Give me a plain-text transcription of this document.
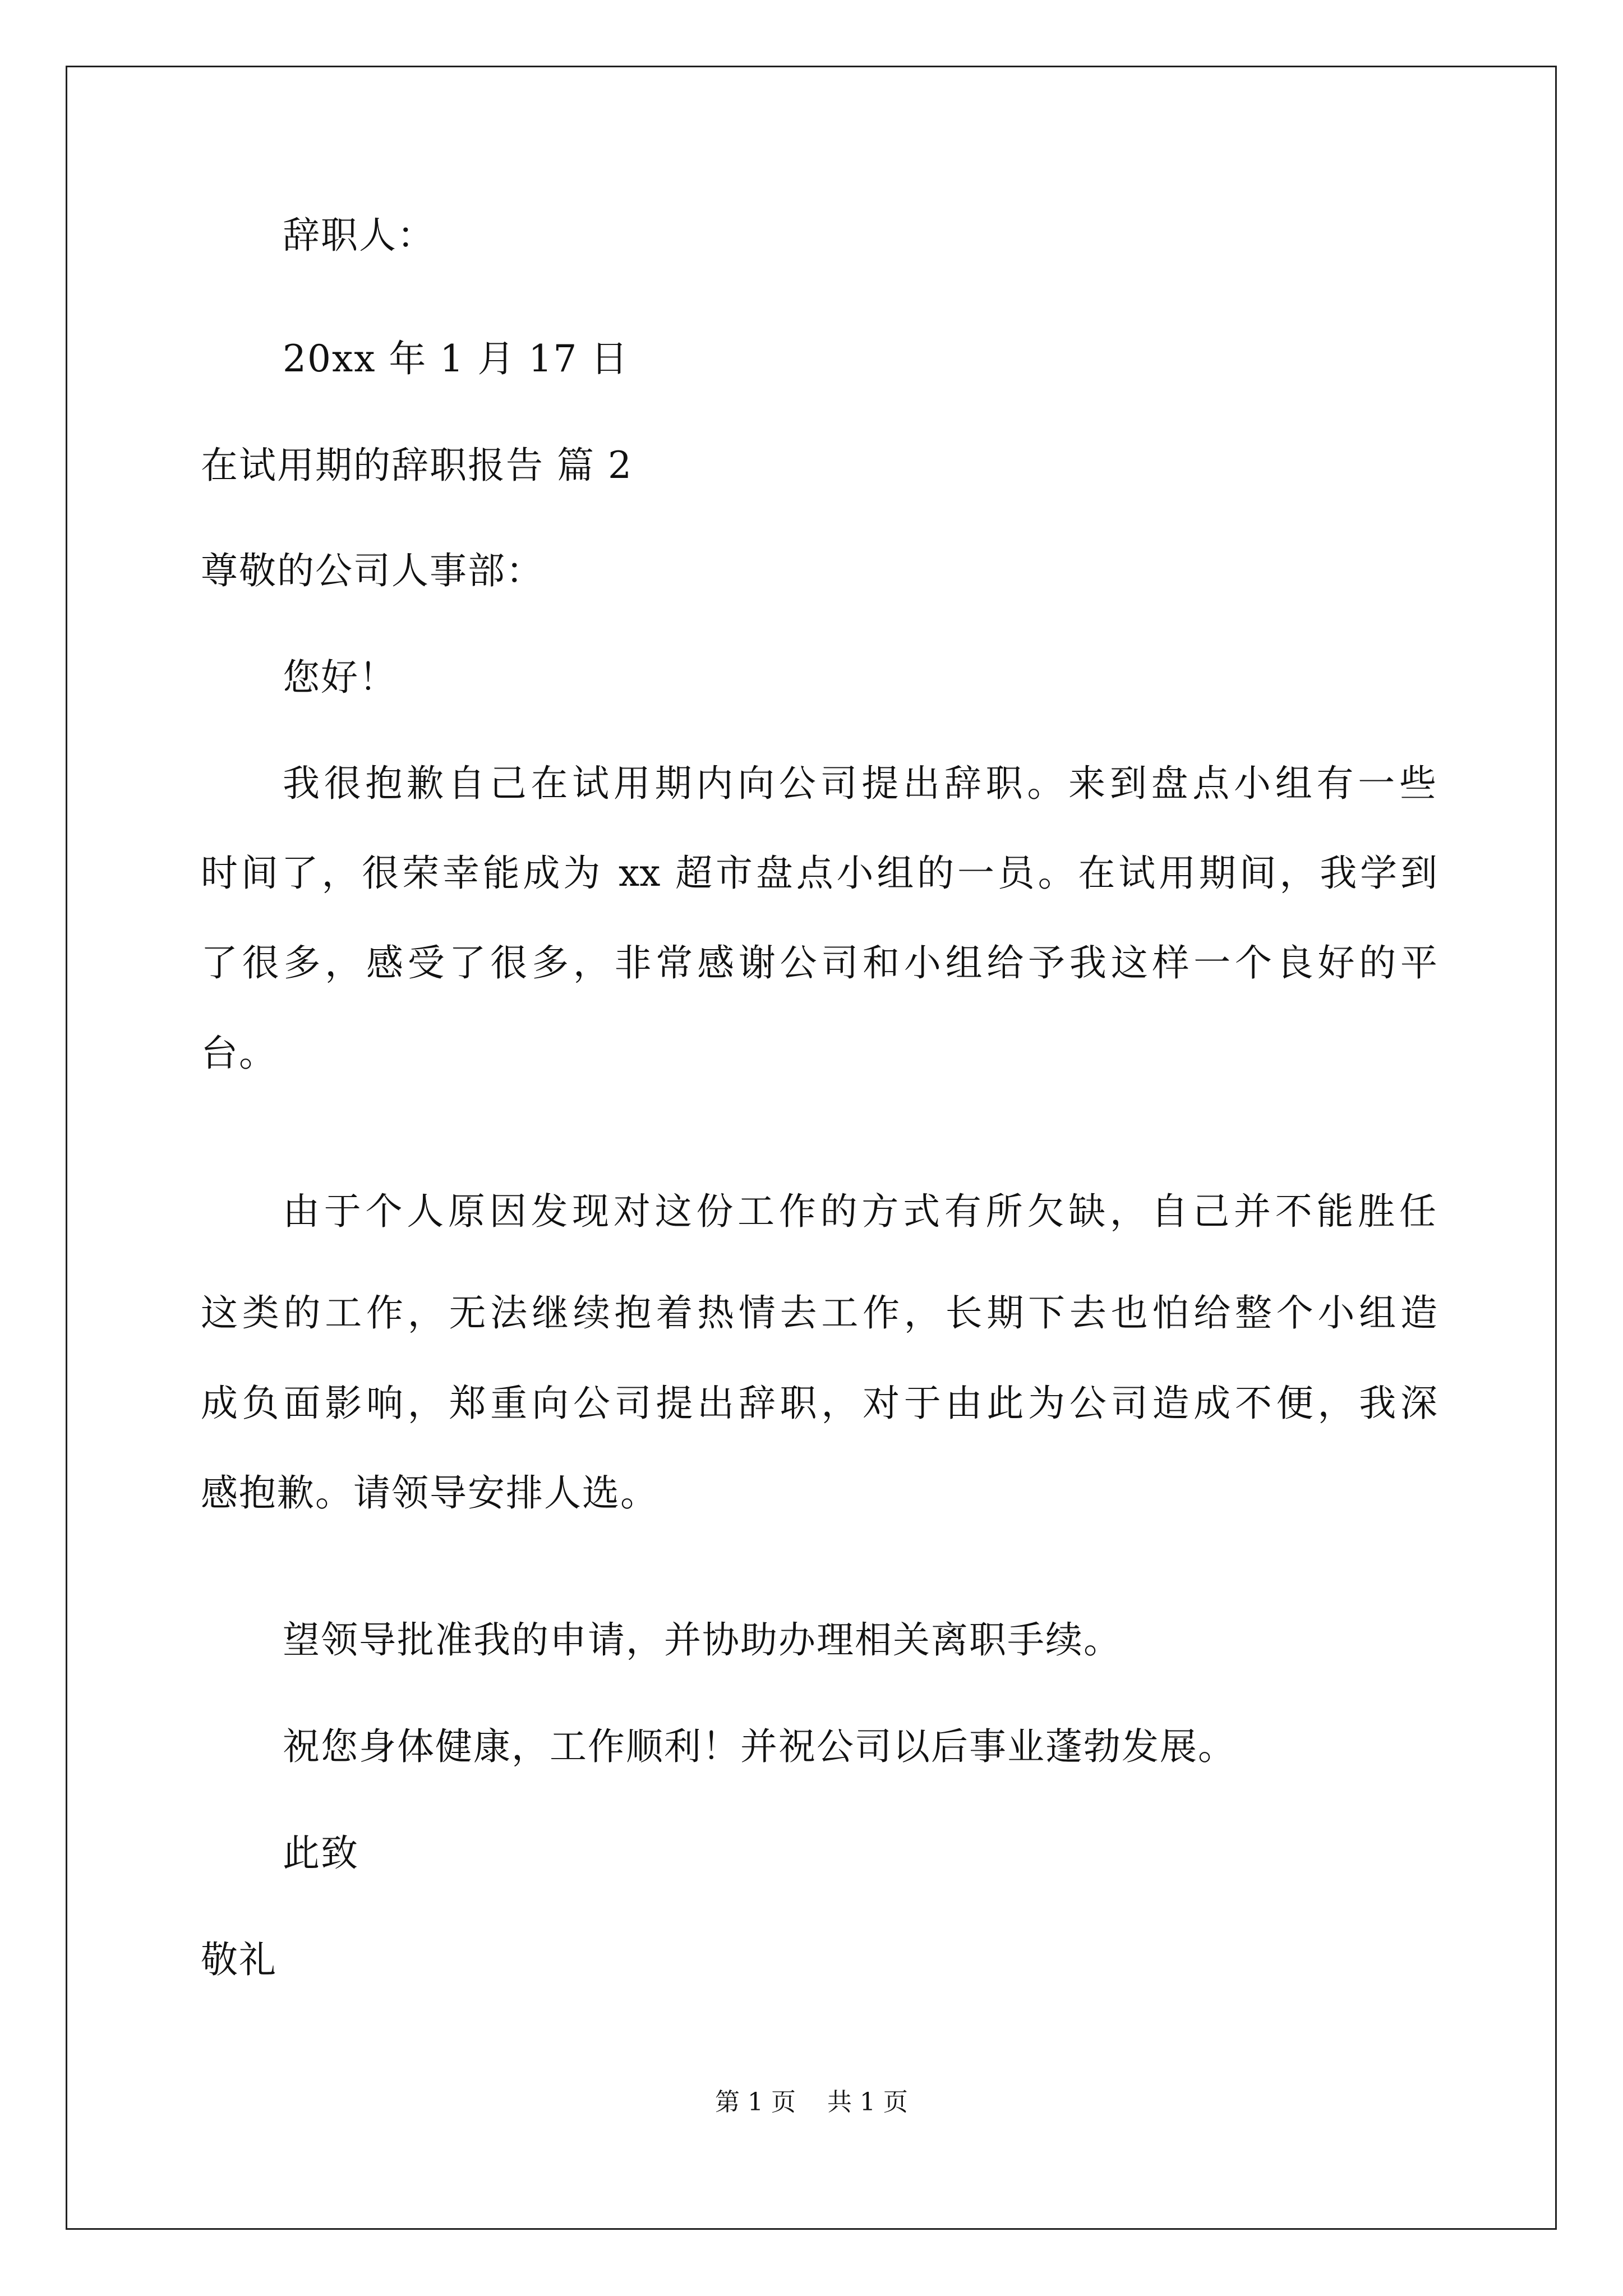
辞职人：
20xx 年 1 月 17 日
在试用期的辞职报告 篇 2
尊敬的公司人事部：
您好！
我很抱歉自己在试用期内向公司提出辞职。来到盘点小组有一些
时间了，很荣幸能成为 xx 超市盘点小组的一员。在试用期间，我学到
了很多，感受了很多，非常感谢公司和小组给予我这样一个良好的平
台。
由于个人原因发现对这份工作的方式有所欠缺，自己并不能胜任
这类的工作，无法继续抱着热情去工作，长期下去也怕给整个小组造
成负面影响，郑重向公司提出辞职，对于由此为公司造成不便，我深
感抱歉。请领导安排人选。
望领导批准我的申请，并协助办理相关离职手续。
祝您身体健康，工作顺利！并祝公司以后事业蓬勃发展。
此致
敬礼
第 1 页    共 1 页
